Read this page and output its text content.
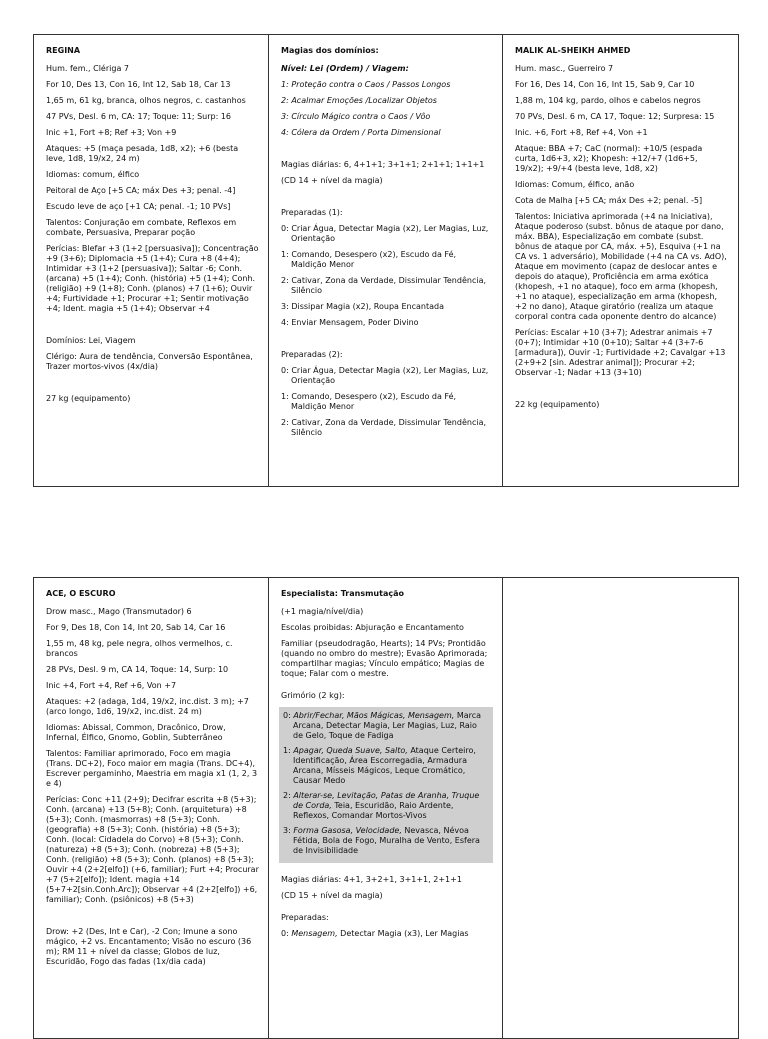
REGINA

Hum. fem., Clériga 7

For 10, Des 13, Con 16, Int 12, Sab 18, Car 13

1,65 m, 61 kg, branca, olhos negros, c. castanhos

47 PVs, Desl. 6 m, CA: 17; Toque: 11; Surp: 16

Inic +1, Fort +8; Ref +3; Von +9

Ataques: +5 (maça pesada, 1d8, x2); +6 (besta leve, 1d8, 19/x2, 24 m)

Idiomas: comum, élfico

Peitoral de Aço [+5 CA; máx Des +3; penal. -4]

Escudo leve de aço [+1 CA; penal. -1; 10 PVs]

Talentos: Conjuração em combate, Reflexos em combate, Persuasiva, Preparar poção

Perícias: Blefar +3 (1+2 [persuasiva]); Concentração +9 (3+6); Diplomacia +5 (1+4); Cura +8 (4+4); Intimidar +3 (1+2 [persuasiva]); Saltar -6; Conh. (arcana) +5 (1+4); Conh. (história) +5 (1+4); Conh. (religião) +9 (1+8); Conh. (planos) +7 (1+6); Ouvir +4; Furtividade +1; Procurar +1; Sentir motivação +4; Ident. magia +5 (1+4); Observar +4

Domínios: Lei, Viagem

Clérigo: Aura de tendência, Conversão Espontânea, Trazer mortos-vivos (4x/dia)

27 kg (equipamento)

Magias dos domínios:

Nível: Lei (Ordem) / Viagem:

1: Proteção contra o Caos / Passos Longos

2: Acalmar Emoções /Localizar Objetos

3: Círculo Mágico contra o Caos / Vôo

4: Cólera da Ordem / Porta Dimensional

Magias diárias: 6, 4+1+1; 3+1+1; 2+1+1; 1+1+1

(CD 14 + nível da magia)

Preparadas (1):

0: Criar Água, Detectar Magia (x2), Ler Magias, Luz, Orientação

1: Comando, Desespero (x2), Escudo da Fé, Maldição Menor

2: Cativar, Zona da Verdade, Dissimular Tendência, Silêncio

3: Dissipar Magia (x2), Roupa Encantada

4: Enviar Mensagem, Poder Divino

Preparadas (2):

0: Criar Água, Detectar Magia (x2), Ler Magias, Luz, Orientação

1: Comando, Desespero (x2), Escudo da Fé, Maldição Menor

2: Cativar, Zona da Verdade, Dissimular Tendência, Silêncio

MALIK AL-SHEIKH AHMED

Hum. masc., Guerreiro 7

For 16, Des 14, Con 16, Int 15, Sab 9, Car 10

1,88 m, 104 kg, pardo, olhos e cabelos negros

70 PVs, Desl. 6 m, CA 17, Toque: 12; Surpresa: 15

Inic. +6, Fort +8, Ref +4, Von +1

Ataque: BBA +7; CaC (normal): +10/5 (espada curta, 1d6+3, x2); Khopesh: +12/+7 (1d6+5, 19/x2); +9/+4 (besta leve, 1d8, x2)

Idiomas: Comum, élfico, anão

Cota de Malha [+5 CA; máx Des +2; penal. -5]

Talentos: Iniciativa aprimorada (+4 na Iniciativa), Ataque poderoso (subst. bônus de ataque por dano, máx. BBA), Especialização em combate (subst. bônus de ataque por CA, máx. +5), Esquiva (+1 na CA vs. 1 adversário), Mobilidade (+4 na CA vs. AdO), Ataque em movimento (capaz de deslocar antes e depois do ataque), Proficiência em arma exótica (khopesh, +1 no ataque), foco em arma (khopesh, +1 no ataque), especialização em arma (khopesh, +2 no dano), Ataque giratório (realiza um ataque corporal contra cada oponente dentro do alcance)

Perícias: Escalar +10 (3+7); Adestrar animais +7 (0+7); Intimidar +10 (0+10); Saltar +4 (3+7-6 [armadura]), Ouvir -1; Furtividade +2; Cavalgar +13 (2+9+2 [sin. Adestrar animal]); Procurar +2; Observar -1; Nadar +13 (3+10)

22 kg (equipamento)

ACE, O ESCURO

Drow masc., Mago (Transmutador) 6

For 9, Des 18, Con 14, Int 20, Sab 14, Car 16

1,55 m, 48 kg, pele negra, olhos vermelhos, c. brancos

28 PVs, Desl. 9 m, CA 14, Toque: 14, Surp: 10

Inic +4, Fort +4, Ref +6, Von +7

Ataques: +2 (adaga, 1d4, 19/x2, inc.dist. 3 m); +7 (arco longo, 1d6, 19/x2, inc.dist. 24 m)

Idiomas: Abissal, Common, Dracônico, Drow, Infernal, Élfico, Gnomo, Goblin, Subterrâneo

Talentos: Familiar aprimorado, Foco em magia (Trans. DC+2), Foco maior em magia (Trans. DC+4), Escrever pergaminho, Maestria em magia x1 (1, 2, 3 e 4)

Perícias: Conc +11 (2+9); Decifrar escrita +8 (5+3); Conh. (arcana) +13 (5+8); Conh. (arquitetura) +8 (5+3); Conh. (masmorras) +8 (5+3); Conh. (geografia) +8 (5+3); Conh. (história) +8 (5+3); Conh. (local: Cidadela do Corvo) +8 (5+3); Conh. (natureza) +8 (5+3); Conh. (nobreza) +8 (5+3); Conh. (religião) +8 (5+3); Conh. (planos) +8 (5+3); Ouvir +4 (2+2[elfo]) (+6, familiar); Furt +4; Procurar +7 (5+2[elfo]); Ident. magia +14 (5+7+2[sin.Conh.Arc]); Observar +4 (2+2[elfo]) +6, familiar); Conh. (psiônicos) +8 (5+3)

Drow: +2 (Des, Int e Car), -2 Con; Imune a sono mágico, +2 vs. Encantamento; Visão no escuro (36 m); RM 11 + nível da classe; Globos de luz, Escuridão, Fogo das fadas (1x/dia cada)

Especialista: Transmutação

(+1 magia/nível/dia)

Escolas proibidas: Abjuração e Encantamento

Familiar (pseudodragão, Hearts); 14 PVs; Prontidão (quando no ombro do mestre); Evasão Aprimorada; compartilhar magias; Vínculo empático; Magias de toque; Falar com o mestre.

Grimório (2 kg):

0: Abrir/Fechar, Mãos Mágicas, Mensagem, Marca Arcana, Detectar Magia, Ler Magias, Luz, Raio de Gelo, Toque de Fadiga

1: Apagar, Queda Suave, Salto, Ataque Certeiro, Identificação, Área Escorregadia, Armadura Arcana, Mísseis Mágicos, Leque Cromático, Causar Medo

2: Alterar-se, Levitação, Patas de Aranha, Truque de Corda, Teia, Escuridão, Raio Ardente, Reflexos, Comandar Mortos-Vivos

3: Forma Gasosa, Velocidade, Nevasca, Névoa Fétida, Bola de Fogo, Muralha de Vento, Esfera de Invisibilidade

Magias diárias: 4+1, 3+2+1, 3+1+1, 2+1+1

(CD 15 + nível da magia)

Preparadas:

0: Mensagem, Detectar Magia (x3), Ler Magias
